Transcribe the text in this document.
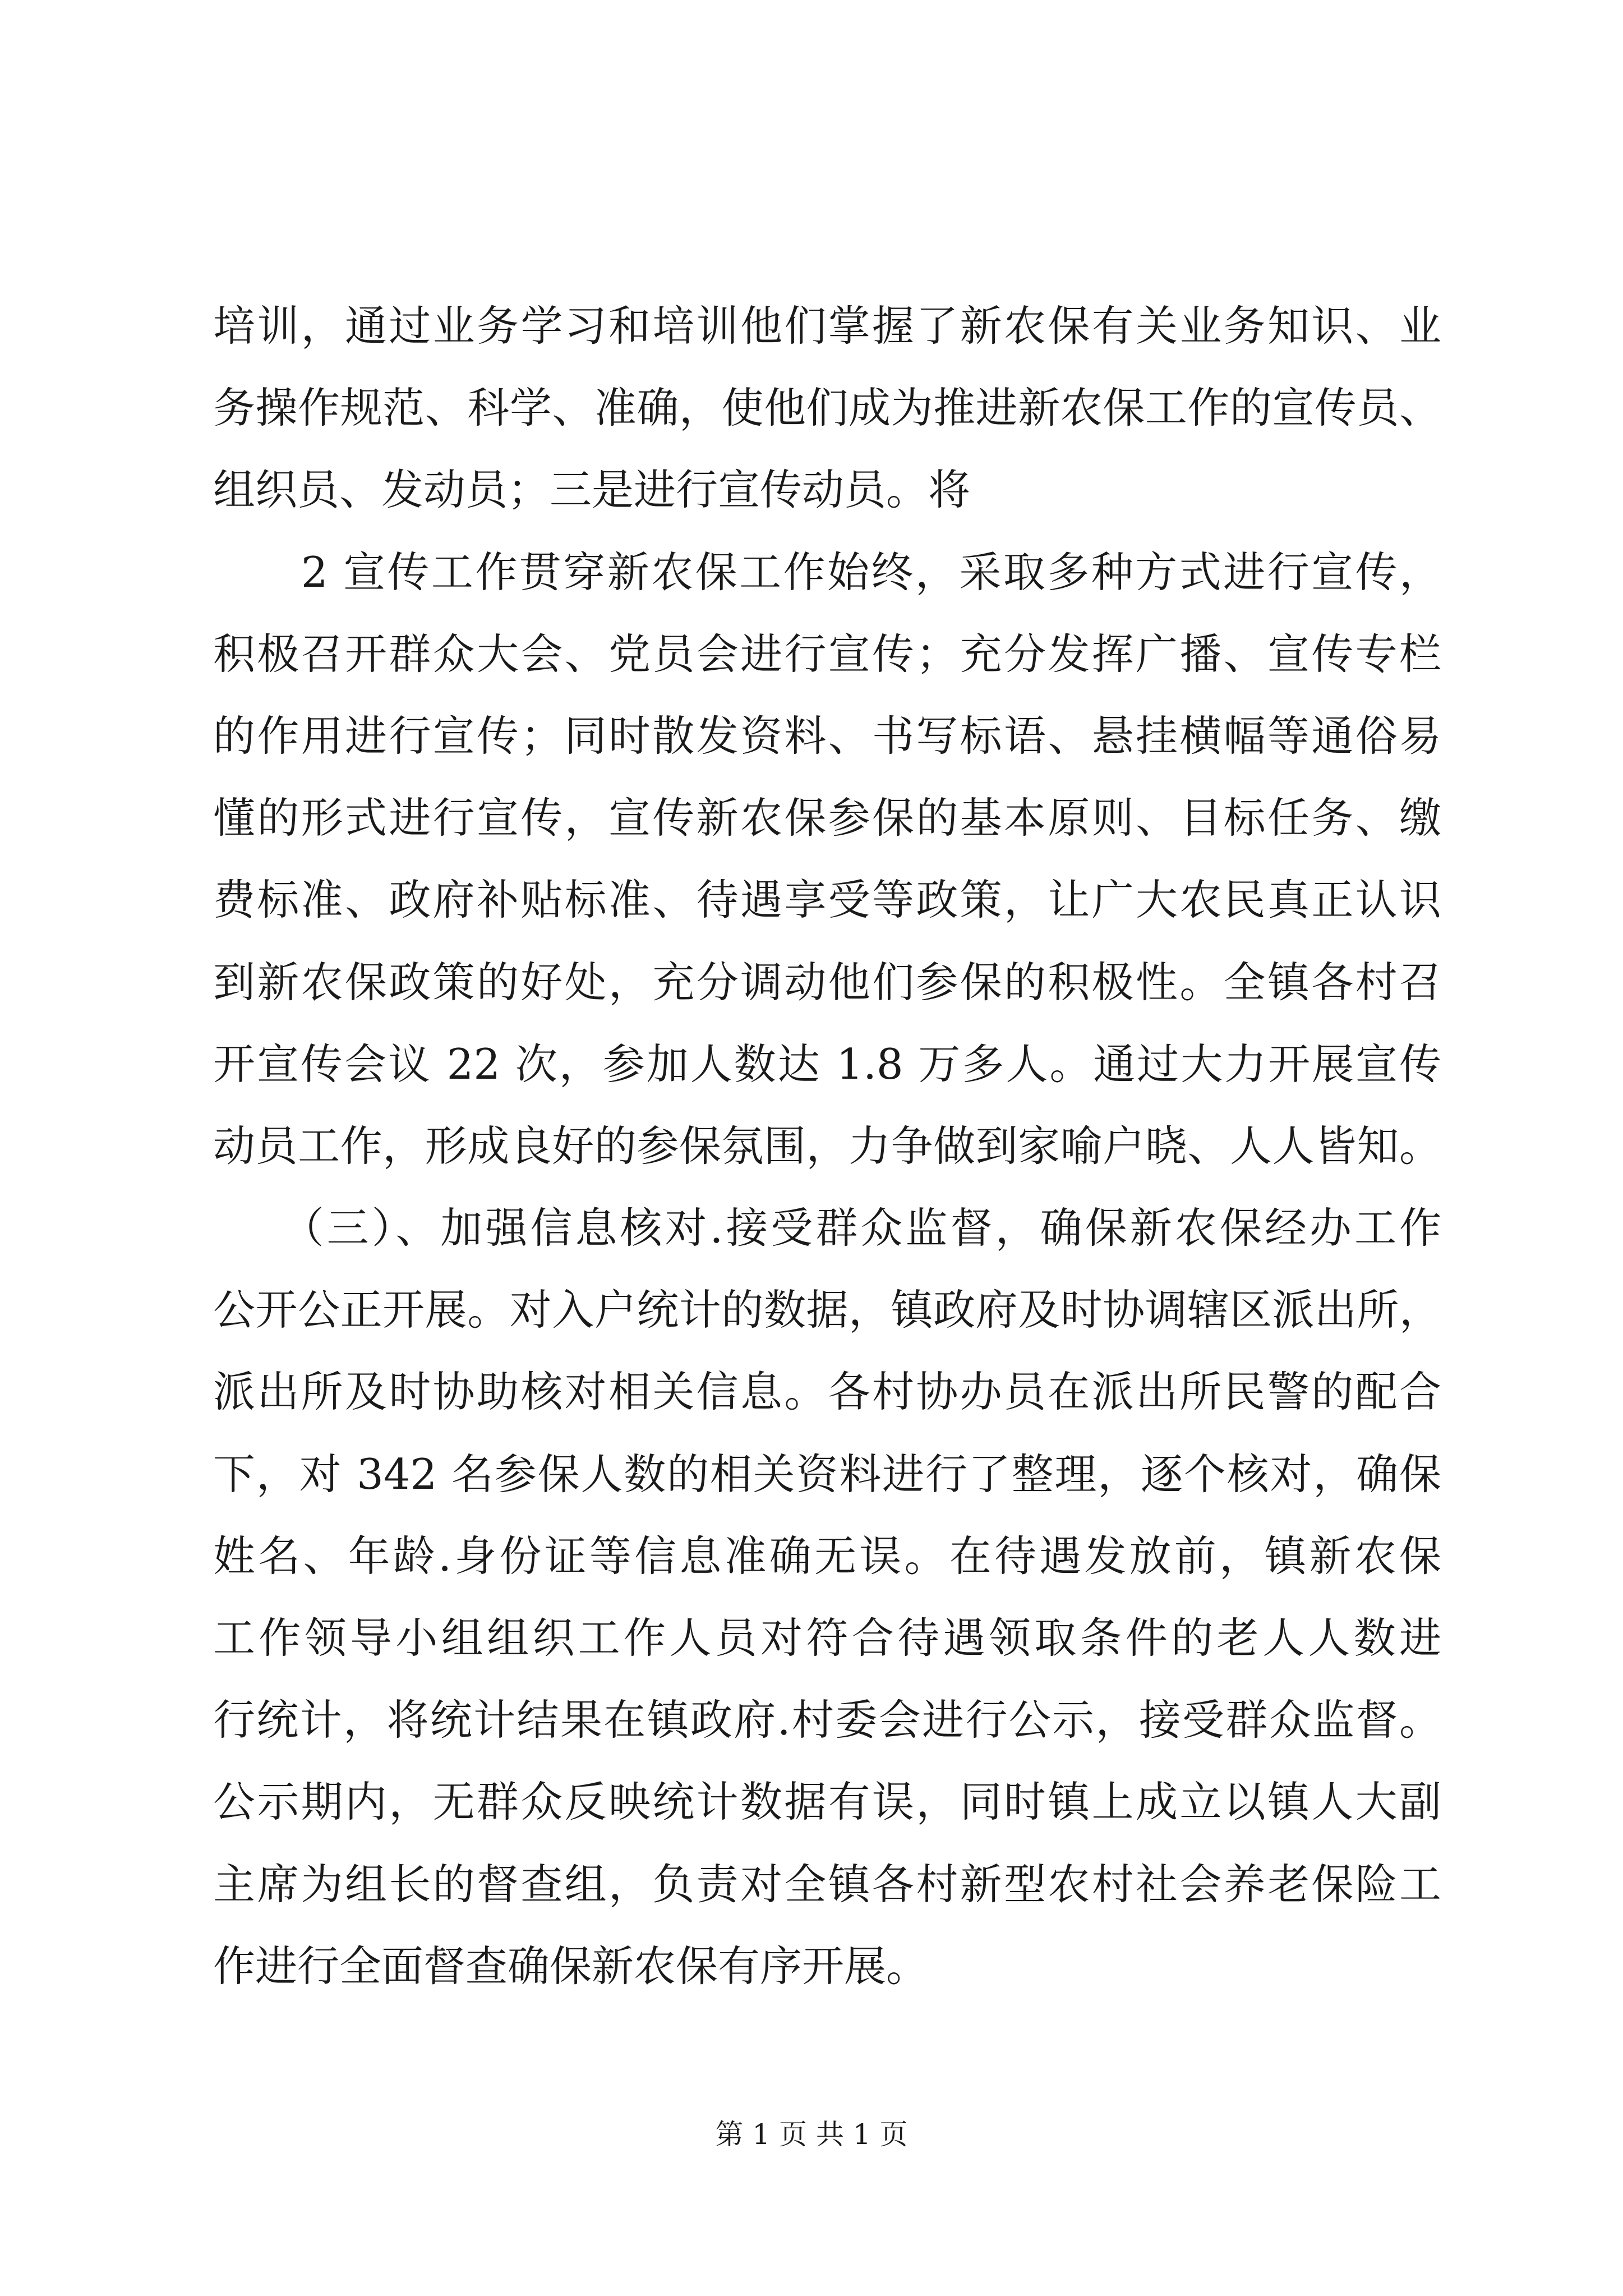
培训，通过业务学习和培训他们掌握了新农保有关业务知识、业
务操作规范、科学、准确，使他们成为推进新农保工作的宣传员、
组织员、发动员；三是进行宣传动员。将
　　2 宣传工作贯穿新农保工作始终，采取多种方式进行宣传，
积极召开群众大会、党员会进行宣传；充分发挥广播、宣传专栏
的作用进行宣传；同时散发资料、书写标语、悬挂横幅等通俗易
懂的形式进行宣传，宣传新农保参保的基本原则、目标任务、缴
费标准、政府补贴标准、待遇享受等政策，让广大农民真正认识
到新农保政策的好处，充分调动他们参保的积极性。全镇各村召
开宣传会议 22 次，参加人数达 1.8 万多人。通过大力开展宣传
动员工作，形成良好的参保氛围，力争做到家喻户晓、人人皆知。
　　（三）、加强信息核对.接受群众监督，确保新农保经办工作
公开公正开展。对入户统计的数据，镇政府及时协调辖区派出所，
派出所及时协助核对相关信息。各村协办员在派出所民警的配合
下，对 342 名参保人数的相关资料进行了整理，逐个核对，确保
姓名、年龄.身份证等信息准确无误。在待遇发放前，镇新农保
工作领导小组组织工作人员对符合待遇领取条件的老人人数进
行统计，将统计结果在镇政府.村委会进行公示，接受群众监督。
公示期内，无群众反映统计数据有误，同时镇上成立以镇人大副
主席为组长的督查组，负责对全镇各村新型农村社会养老保险工
作进行全面督查确保新农保有序开展。
第 1 页 共 1 页
